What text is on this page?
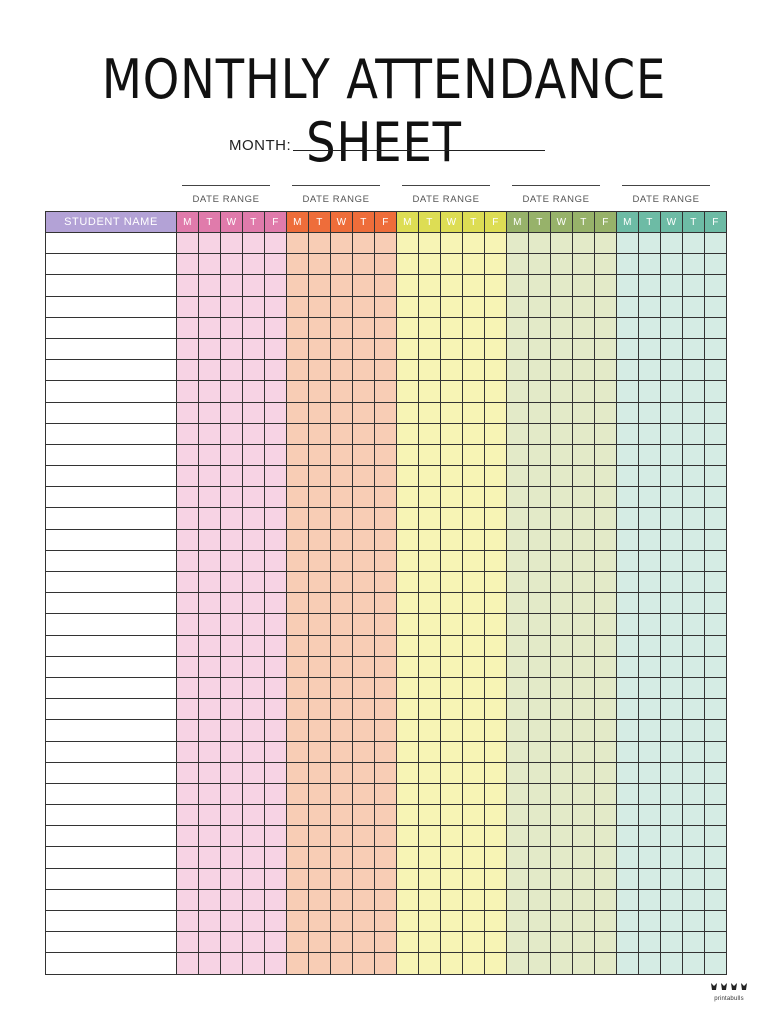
MONTHLY ATTENDANCE SHEET
MONTH:
DATE RANGE	DATE RANGE	DATE RANGE	DATE RANGE	DATE RANGE
STUDENT NAME	M	T	W	T	F	M	T	W	T	F	M	T	W	T	F	M	T	W	T	F	M	T	W	T	F

printabulls
